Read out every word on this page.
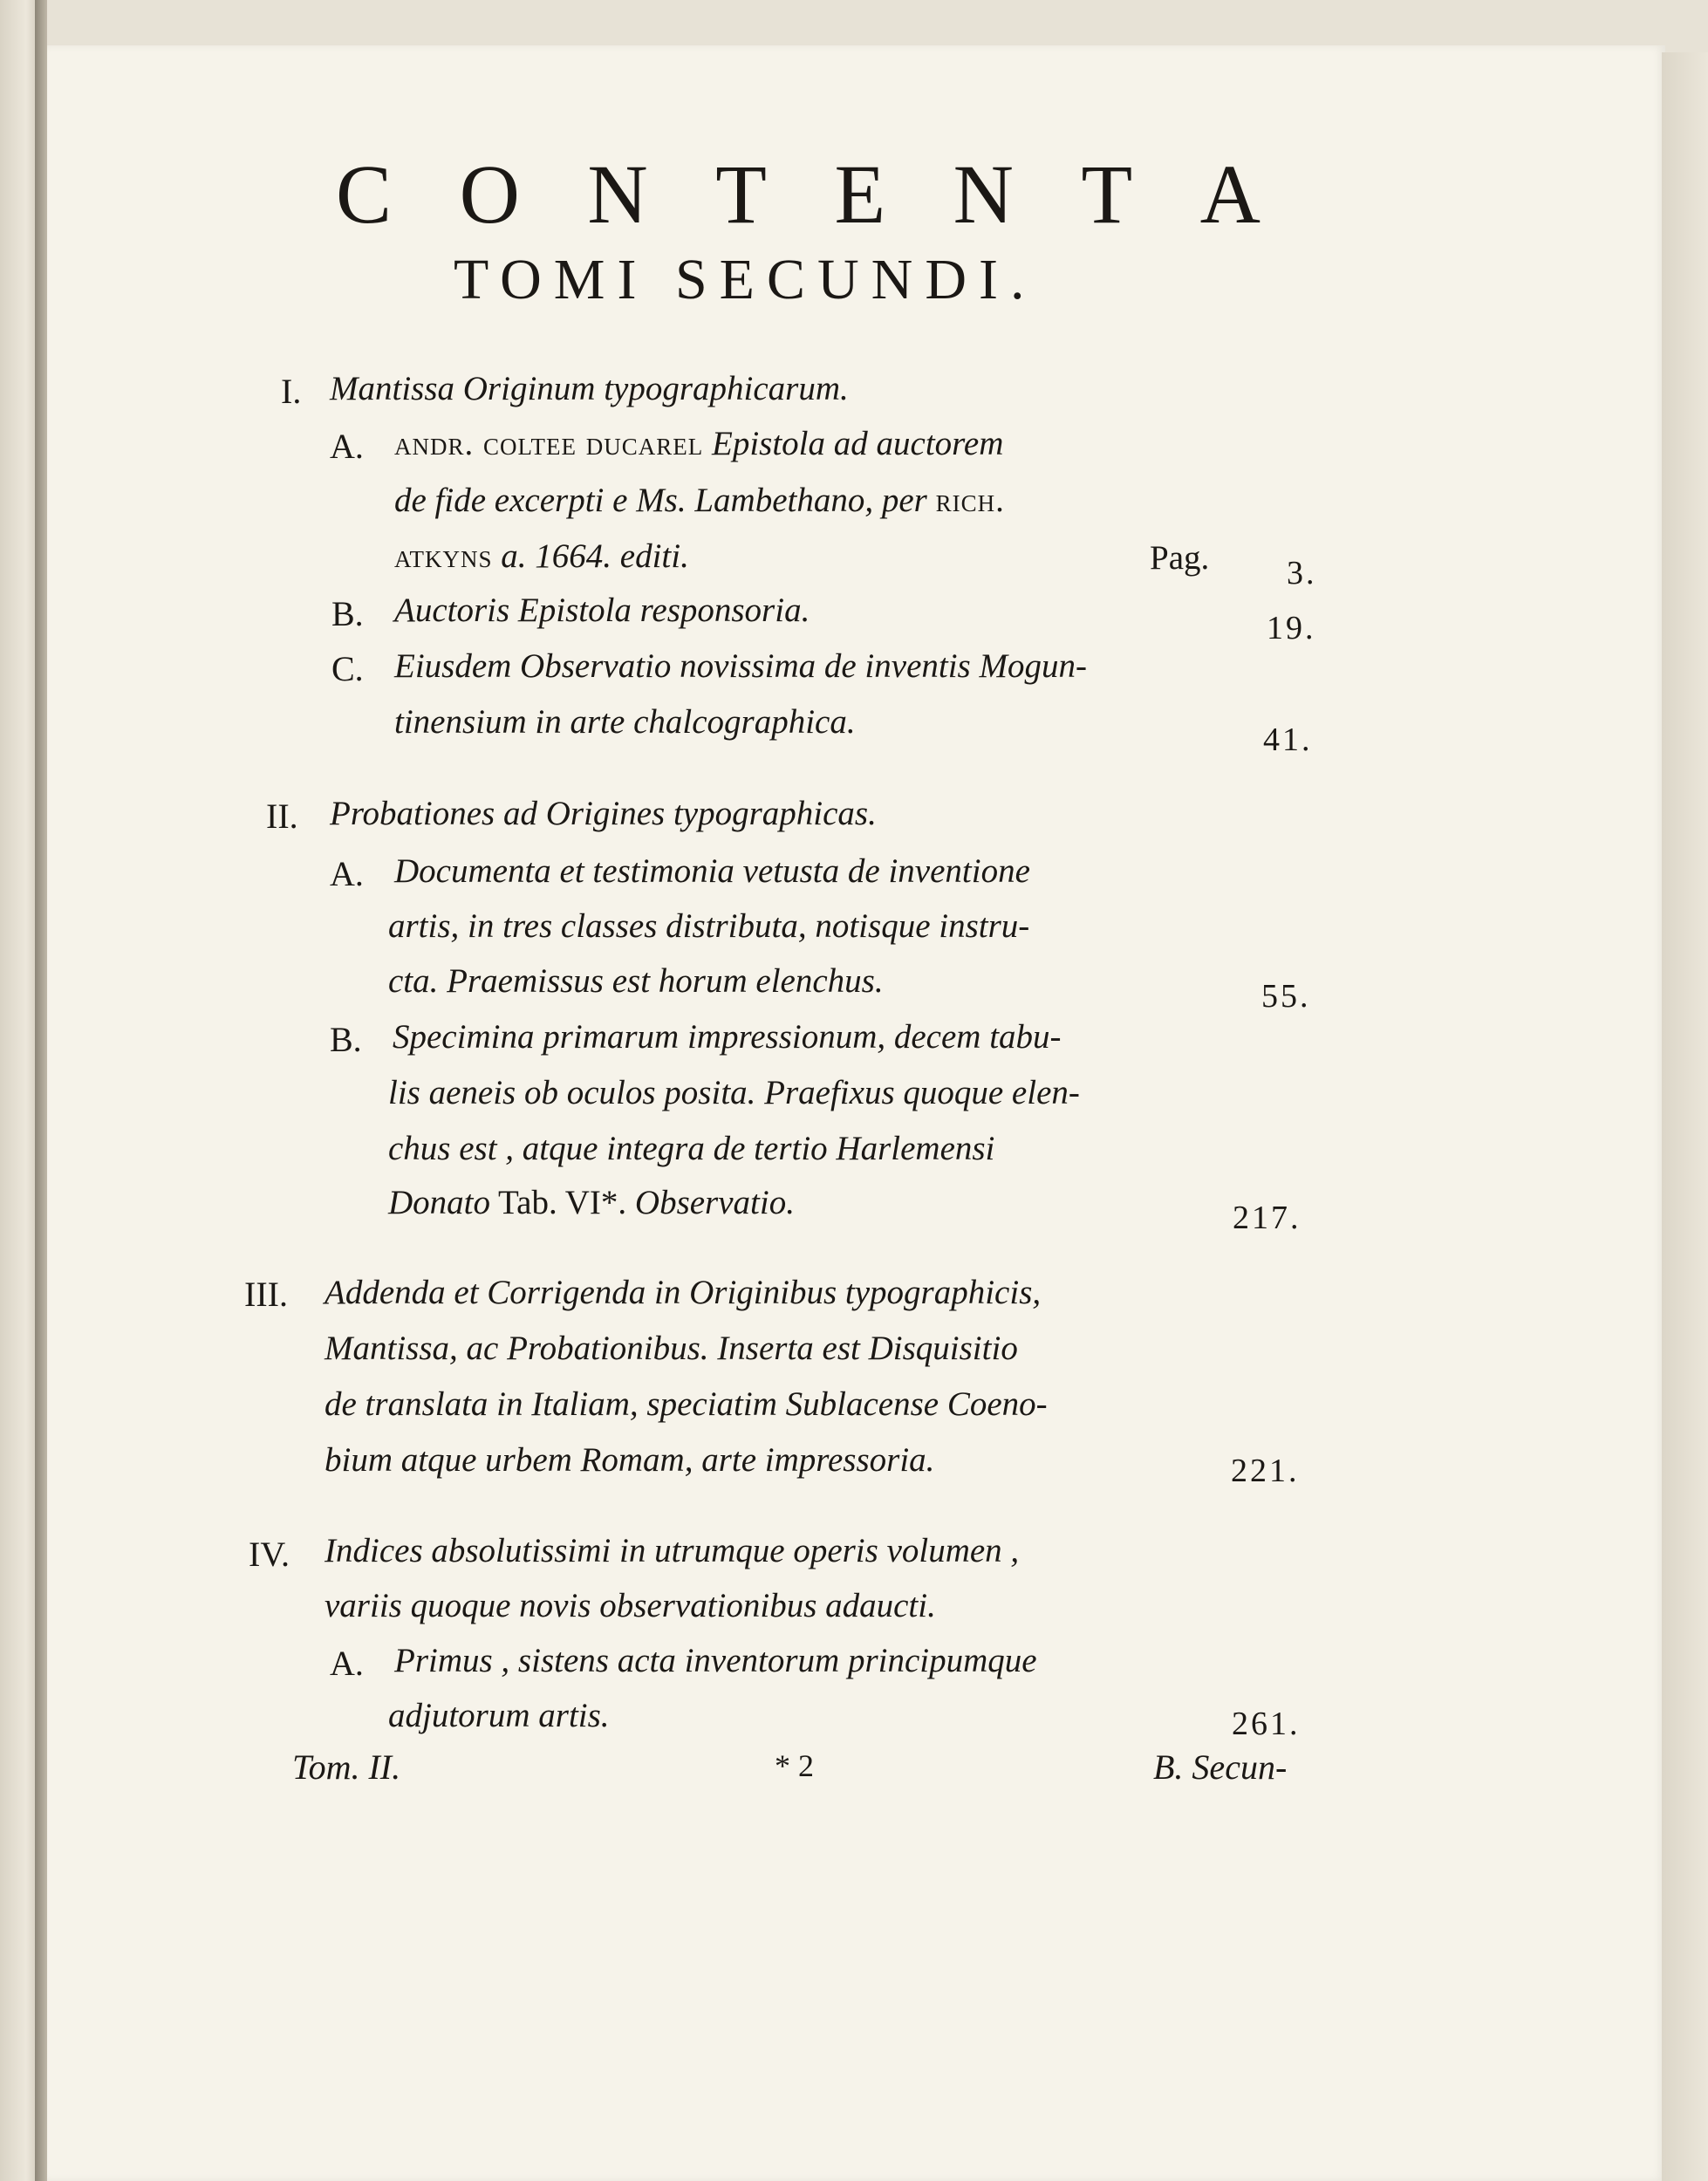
C O N T E N T A
TOMI SECUNDI.
I. Mantissa Originum typographicarum.
A. andr. coltee ducarel Epistola ad auctorem
de fide excerpti e Ms. Lambethano, per rich.
atkyns a. 1664. editi.	Pag. 3.
B. Auctoris Epistola responsoria.	19.
C. Eiusdem Observatio novissima de inventis Mogun-
tinensium in arte chalcographica.	41.
II. Probationes ad Origines typographicas.
A. Documenta et testimonia vetusta de inventione
artis, in tres classes distributa, notisque instru-
cta. Praemissus est horum elenchus.	55.
B. Specimina primarum impressionum, decem tabu-
lis aeneis ob oculos posita. Praefixus quoque elen-
chus est , atque integra de tertio Harlemensi
Donato Tab. VI*. Observatio.	217.
III. Addenda et Corrigenda in Originibus typographicis,
Mantissa, ac Probationibus. Inserta est Disquisitio
de translata in Italiam, speciatim Sublacense Coeno-
bium atque urbem Romam, arte impressoria.	221.
IV. Indices absolutissimi in utrumque operis volumen ,
variis quoque novis observationibus adaucti.
A. Primus , sistens acta inventorum principumque
adjutorum artis.	261.
Tom. II.	* 2	B. Secun-
